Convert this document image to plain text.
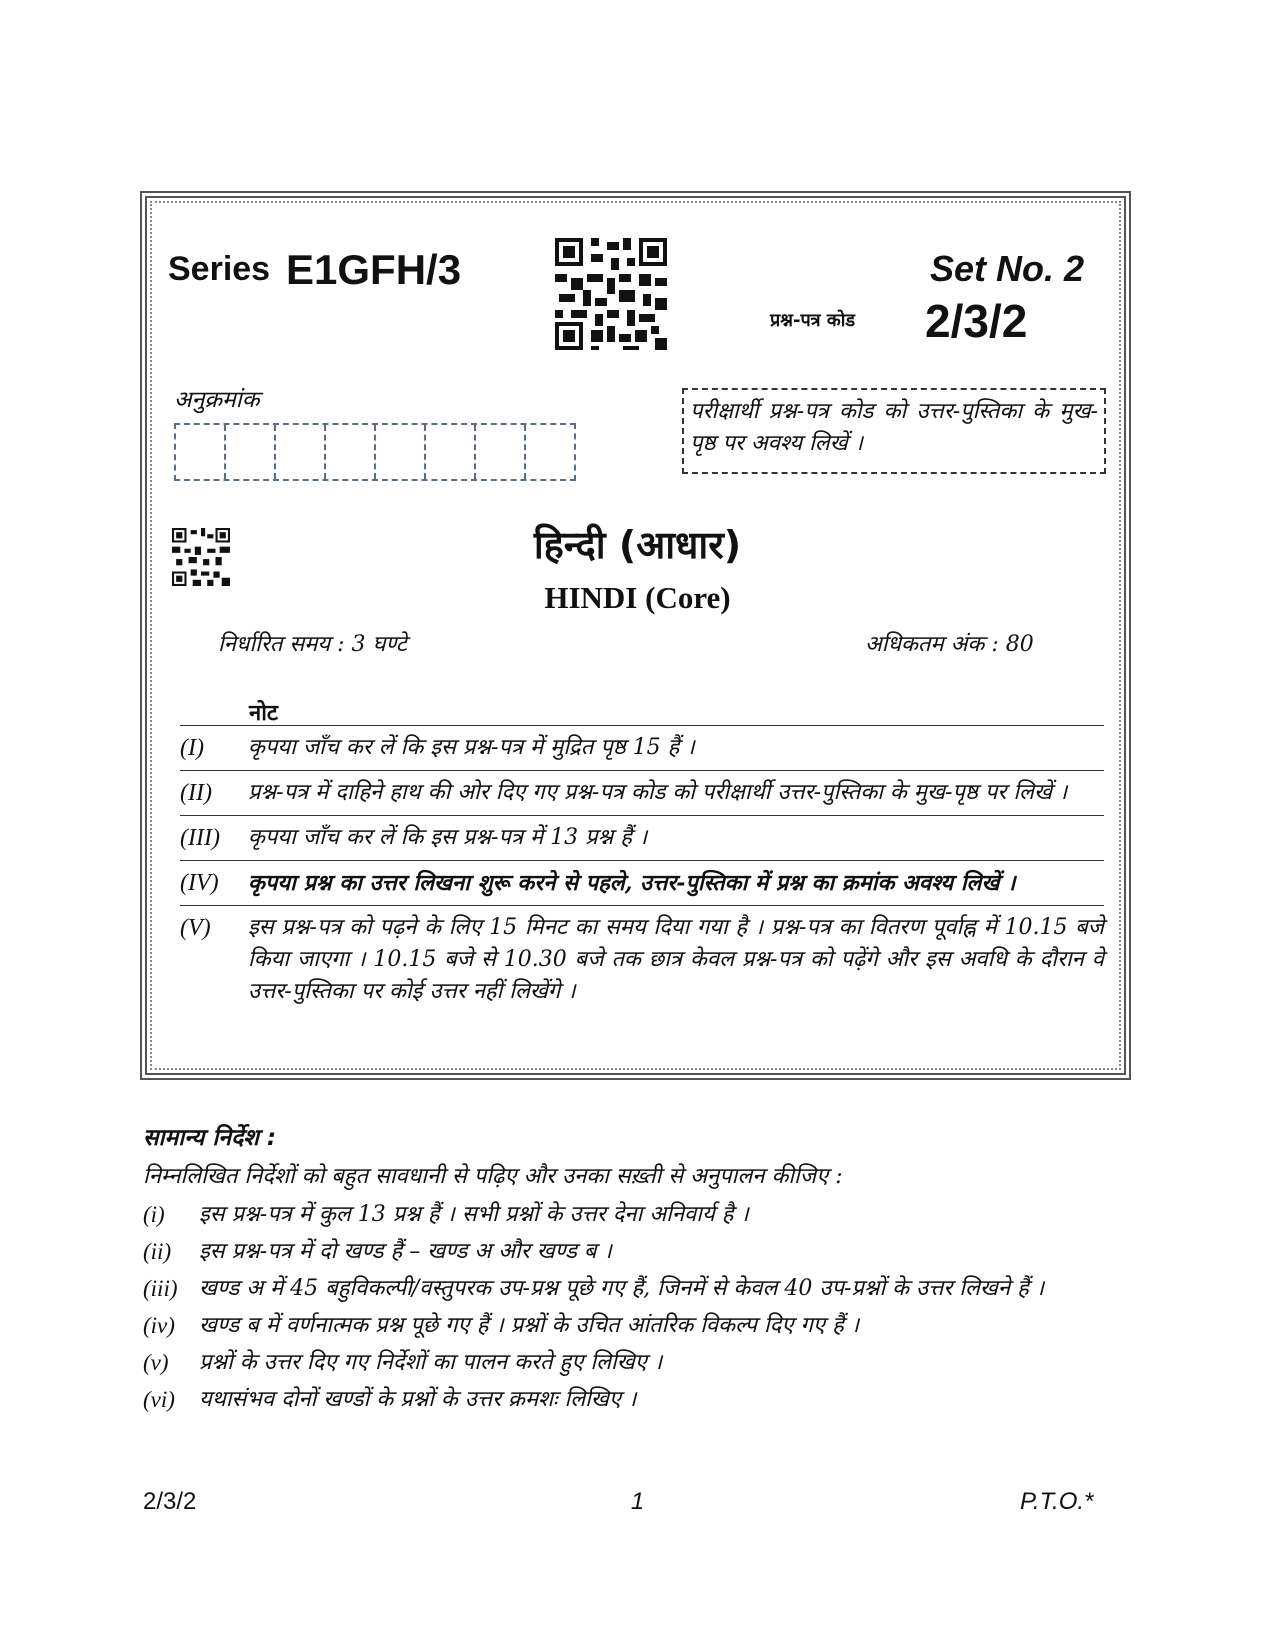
Series E1GFH/3	Set No. 2
प्रश्न-पत्र कोड 2/3/2
अनुक्रमांक	परीक्षार्थी प्रश्न-पत्र कोड को उत्तर-पुस्तिका के मुख-पृष्ठ पर अवश्य लिखें ।
हिन्दी (आधार)
HINDI (Core)
निर्धारित समय : 3 घण्टे	अधिकतम अंक : 80
नोट
(I)	कृपया जाँच कर लें कि इस प्रश्न-पत्र में मुद्रित पृष्ठ 15 हैं ।
(II)	प्रश्न-पत्र में दाहिने हाथ की ओर दिए गए प्रश्न-पत्र कोड को परीक्षार्थी उत्तर-पुस्तिका के मुख-पृष्ठ पर लिखें ।
(III)	कृपया जाँच कर लें कि इस प्रश्न-पत्र में 13 प्रश्न हैं ।
(IV)	कृपया प्रश्न का उत्तर लिखना शुरू करने से पहले, उत्तर-पुस्तिका में प्रश्न का क्रमांक अवश्य लिखें ।
(V)	इस प्रश्न-पत्र को पढ़ने के लिए 15 मिनट का समय दिया गया है । प्रश्न-पत्र का वितरण पूर्वाह्न में 10.15 बजे किया जाएगा । 10.15 बजे से 10.30 बजे तक छात्र केवल प्रश्न-पत्र को पढ़ेंगे और इस अवधि के दौरान वे उत्तर-पुस्तिका पर कोई उत्तर नहीं लिखेंगे ।
सामान्य निर्देश :
निम्नलिखित निर्देशों को बहुत सावधानी से पढ़िए और उनका सख़्ती से अनुपालन कीजिए :
(i)	इस प्रश्न-पत्र में कुल 13 प्रश्न हैं । सभी प्रश्नों के उत्तर देना अनिवार्य है ।
(ii)	इस प्रश्न-पत्र में दो खण्ड हैं – खण्ड अ और खण्ड ब ।
(iii) खण्ड अ में 45 बहुविकल्पी/वस्तुपरक उप-प्रश्न पूछे गए हैं, जिनमें से केवल 40 उप-प्रश्नों के उत्तर लिखने हैं ।
(iv)	खण्ड ब में वर्णनात्मक प्रश्न पूछे गए हैं । प्रश्नों के उचित आंतरिक विकल्प दिए गए हैं ।
(v)	प्रश्नों के उत्तर दिए गए निर्देशों का पालन करते हुए लिखिए ।
(vi)	यथासंभव दोनों खण्डों के प्रश्नों के उत्तर क्रमशः लिखिए ।
2/3/2	1	P.T.O.*
